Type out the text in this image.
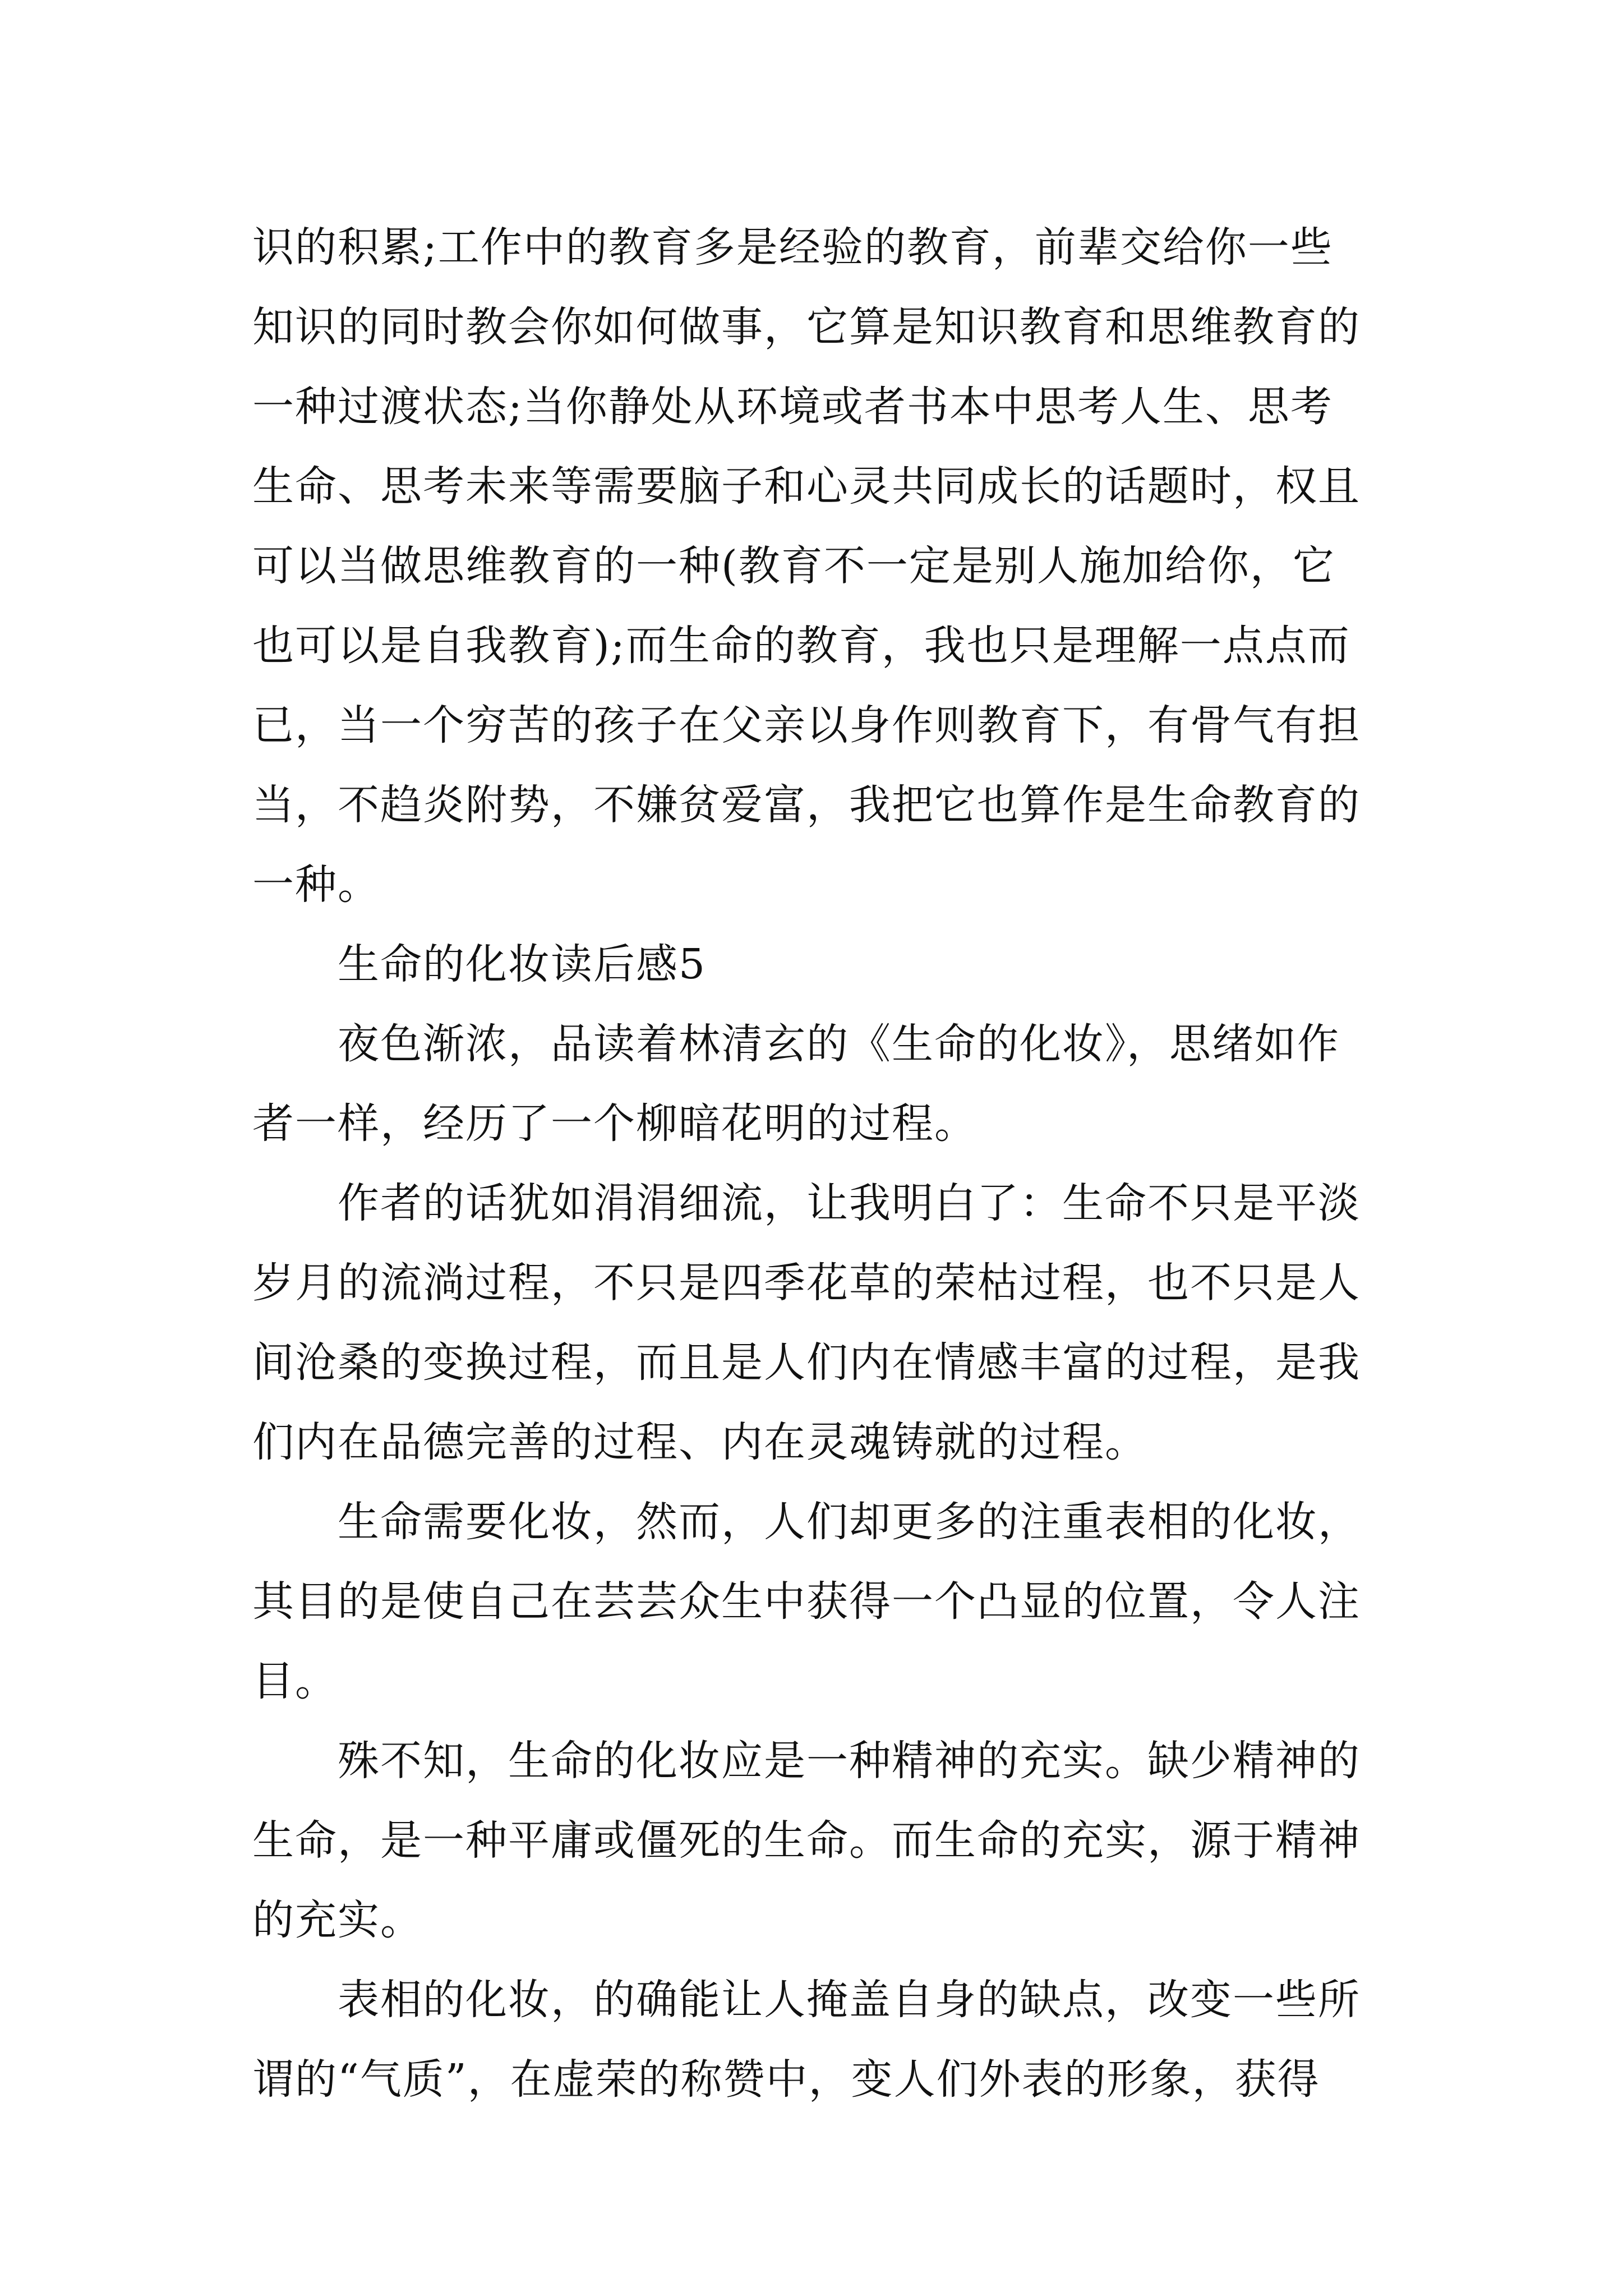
识的积累;工作中的教育多是经验的教育，前辈交给你一些
知识的同时教会你如何做事，它算是知识教育和思维教育的
一种过渡状态;当你静处从环境或者书本中思考人生、思考
生命、思考未来等需要脑子和心灵共同成长的话题时，权且
可以当做思维教育的一种(教育不一定是别人施加给你，它
也可以是自我教育);而生命的教育，我也只是理解一点点而
已，当一个穷苦的孩子在父亲以身作则教育下，有骨气有担
当，不趋炎附势，不嫌贫爱富，我把它也算作是生命教育的
一种。
生命的化妆读后感5
夜色渐浓，品读着林清玄的《生命的化妆》，思绪如作
者一样，经历了一个柳暗花明的过程。
作者的话犹如涓涓细流，让我明白了：生命不只是平淡
岁月的流淌过程，不只是四季花草的荣枯过程，也不只是人
间沧桑的变换过程，而且是人们内在情感丰富的过程，是我
们内在品德完善的过程、内在灵魂铸就的过程。
生命需要化妆，然而，人们却更多的注重表相的化妆，
其目的是使自己在芸芸众生中获得一个凸显的位置，令人注
目。
殊不知，生命的化妆应是一种精神的充实。缺少精神的
生命，是一种平庸或僵死的生命。而生命的充实，源于精神
的充实。
表相的化妆，的确能让人掩盖自身的缺点，改变一些所
谓的“气质”，在虚荣的称赞中，变人们外表的形象，获得
